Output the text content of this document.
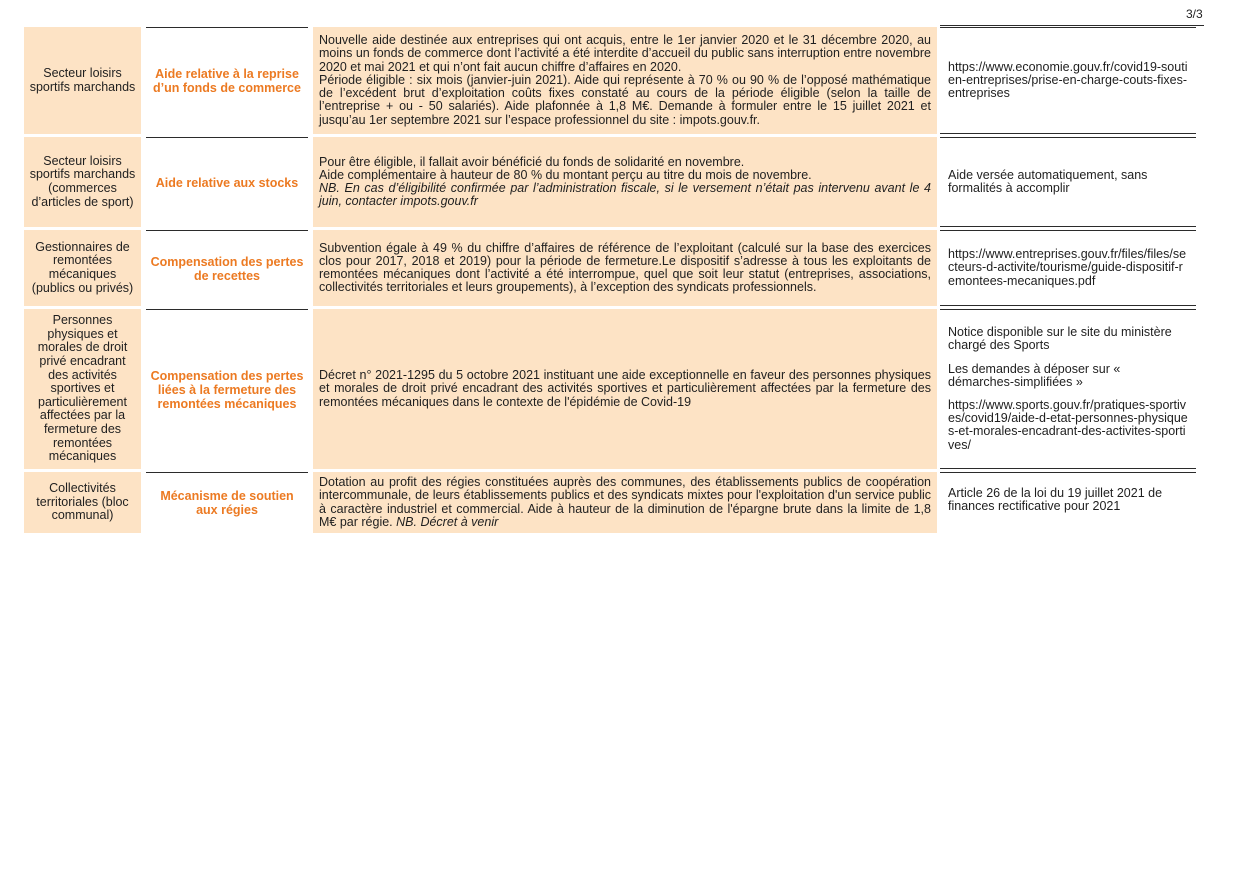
3/3
Secteur loisirs sportifs marchands
Aide relative à la reprise d’un fonds de commerce

Nouvelle aide destinée aux entreprises qui ont acquis, entre le 1er janvier 2020 et le 31 décembre 2020, au moins un fonds de commerce dont l’activité a été interdite d’accueil du public sans interruption entre novembre 2020 et mai 2021 et qui n’ont fait aucun chiffre d’affaires en 2020.

Période éligible : six mois (janvier-juin 2021). Aide qui représente à 70 % ou 90 % de l’opposé mathématique de l’excédent brut d’exploitation coûts fixes constaté au cours de la période éligible (selon la taille de l’entreprise + ou - 50 salariés). Aide plafonnée à 1,8 M€. Demande à formuler entre le 15 juillet 2021 et jusqu’au 1er septembre 2021 sur l’espace professionnel du site : impots.gouv.fr.

https://www.economie.gouv.fr/covid19-soutien-entreprises/prise-en-charge-couts-fixes-entreprises

Secteur loisirs sportifs marchands (commerces d’articles de sport)
Aide relative aux stocks

Pour être éligible, il fallait avoir bénéficié du fonds de solidarité en novembre.

Aide complémentaire à hauteur de 80 % du montant perçu au titre du mois de novembre.

NB. En cas d’éligibilité confirmée par l’administration fiscale, si le versement n’était pas intervenu avant le 4 juin, contacter impots.gouv.fr

Aide versée automatiquement, sans formalités à accomplir

Gestionnaires de remontées mécaniques (publics ou privés)
Compensation des pertes de recettes

Subvention égale à 49 % du chiffre d’affaires de référence de l’exploitant (calculé sur la base des exercices clos pour 2017, 2018 et 2019) pour la période de fermeture.Le dispositif s’adresse à tous les exploitants de remontées mécaniques dont l’activité a été interrompue, quel que soit leur statut (entreprises, associations, collectivités territoriales et leurs groupements), à l’exception des syndicats professionnels.

https://www.entreprises.gouv.fr/files/files/secteurs-d-activite/tourisme/guide-dispositif-remontees-mecaniques.pdf

Personnes physiques et morales de droit privé encadrant des activités sportives et particulièrement affectées par la fermeture des remontées mécaniques
Compensation des pertes liées à la fermeture des remontées mécaniques

Décret n° 2021-1295 du 5 octobre 2021 instituant une aide exceptionnelle en faveur des personnes physiques et morales de droit privé encadrant des activités sportives et particulièrement affectées par la fermeture des remontées mécaniques dans le contexte de l'épidémie de Covid-19

Notice disponible sur le site du ministère chargé des Sports

Les demandes à déposer sur « démarches-simplifiées »

https://www.sports.gouv.fr/pratiques-sportives/covid19/aide-d-etat-personnes-physiques-et-morales-encadrant-des-activites-sportives/

Collectivités territoriales (bloc communal)
Mécanisme de soutien aux régies

Dotation au profit des régies constituées auprès des communes, des établissements publics de coopération intercommunale, de leurs établissements publics et des syndicats mixtes pour l'exploitation d'un service public à caractère industriel et commercial. Aide à hauteur de la diminution de l'épargne brute dans la limite de 1,8 M€ par régie. NB. Décret à venir

Article 26 de la loi du 19 juillet 2021 de finances rectificative pour 2021
